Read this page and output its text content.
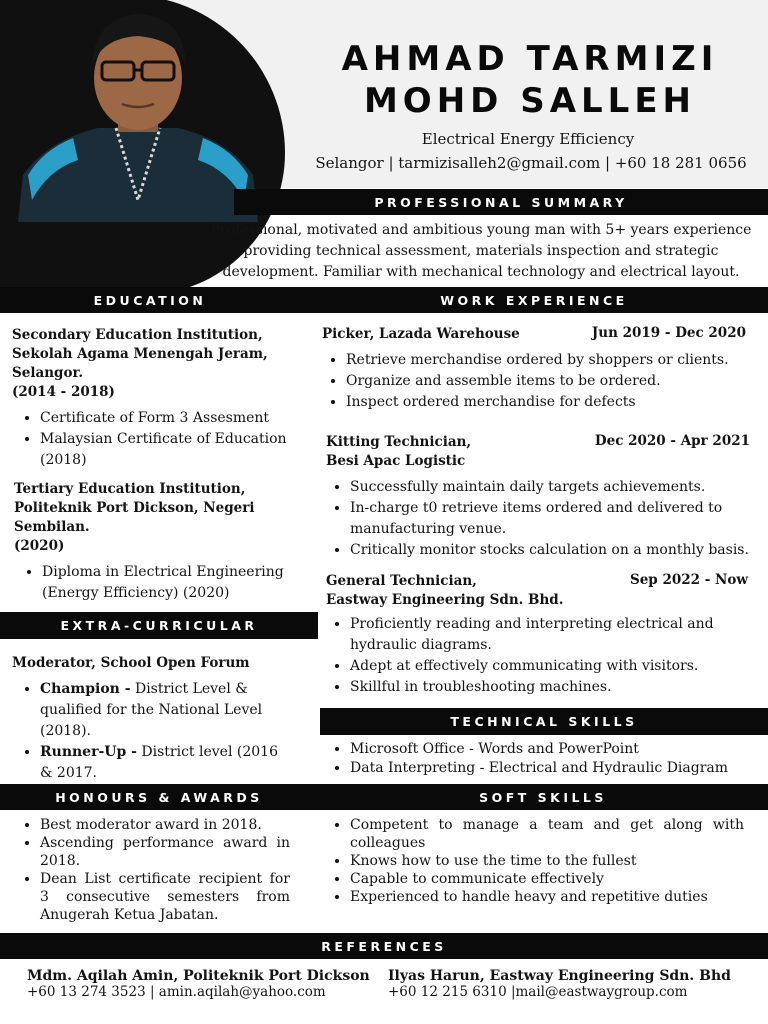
AHMAD TARMIZI
MOHD SALLEH
Electrical Energy Efficiency
Selangor | tarmizisalleh2@gmail.com | +60 18 281 0656
PROFESSIONAL SUMMARY
Professional, motivated and ambitious young man with 5+ years experience providing technical assessment, materials inspection and strategic development. Familiar with mechanical technology and electrical layout.
EDUCATION	WORK EXPERIENCE
Secondary Education Institution, Sekolah Agama Menengah Jeram, Selangor.
(2014 - 2018)
• Certificate of Form 3 Assesment
• Malaysian Certificate of Education (2018)
Tertiary Education Institution, Politeknik Port Dickson, Negeri Sembilan.
(2020)
• Diploma in Electrical Engineering (Energy Efficiency) (2020)
Picker, Lazada Warehouse	Jun 2019 - Dec 2020
• Retrieve merchandise ordered by shoppers or clients.
• Organize and assemble items to be ordered.
• Inspect ordered merchandise for defects
Kitting Technician,
Besi Apac Logistic
Dec 2020 - Apr 2021
• Successfully maintain daily targets achievements.
• In-charge t0 retrieve items ordered and delivered to manufacturing venue.
• Critically monitor stocks calculation on a monthly basis.
General Technician,
Eastway Engineering Sdn. Bhd.
Sep 2022 - Now
• Proficiently reading and interpreting electrical and hydraulic diagrams.
• Adept at effectively communicating with visitors.
• Skillful in troubleshooting machines.
EXTRA-CURRICULAR
Moderator, School Open Forum
• Champion - District Level & qualified for the National Level (2018).
• Runner-Up - District level (2016 & 2017.
TECHNICAL SKILLS
• Microsoft Office - Words and PowerPoint
• Data Interpreting - Electrical and Hydraulic Diagram
HONOURS & AWARDS	SOFT SKILLS
• Best moderator award in 2018.
• Ascending performance award in 2018.
• Dean List certificate recipient for 3 consecutive semesters from Anugerah Ketua Jabatan.
• Competent to manage a team and get along with colleagues
• Knows how to use the time to the fullest
• Capable to communicate effectively
• Experienced to handle heavy and repetitive duties
REFERENCES
Mdm. Aqilah Amin, Politeknik Port Dickson
+60 13 274 3523 | amin.aqilah@yahoo.com
Ilyas Harun, Eastway Engineering Sdn. Bhd
+60 12 215 6310 |mail@eastwaygroup.com
